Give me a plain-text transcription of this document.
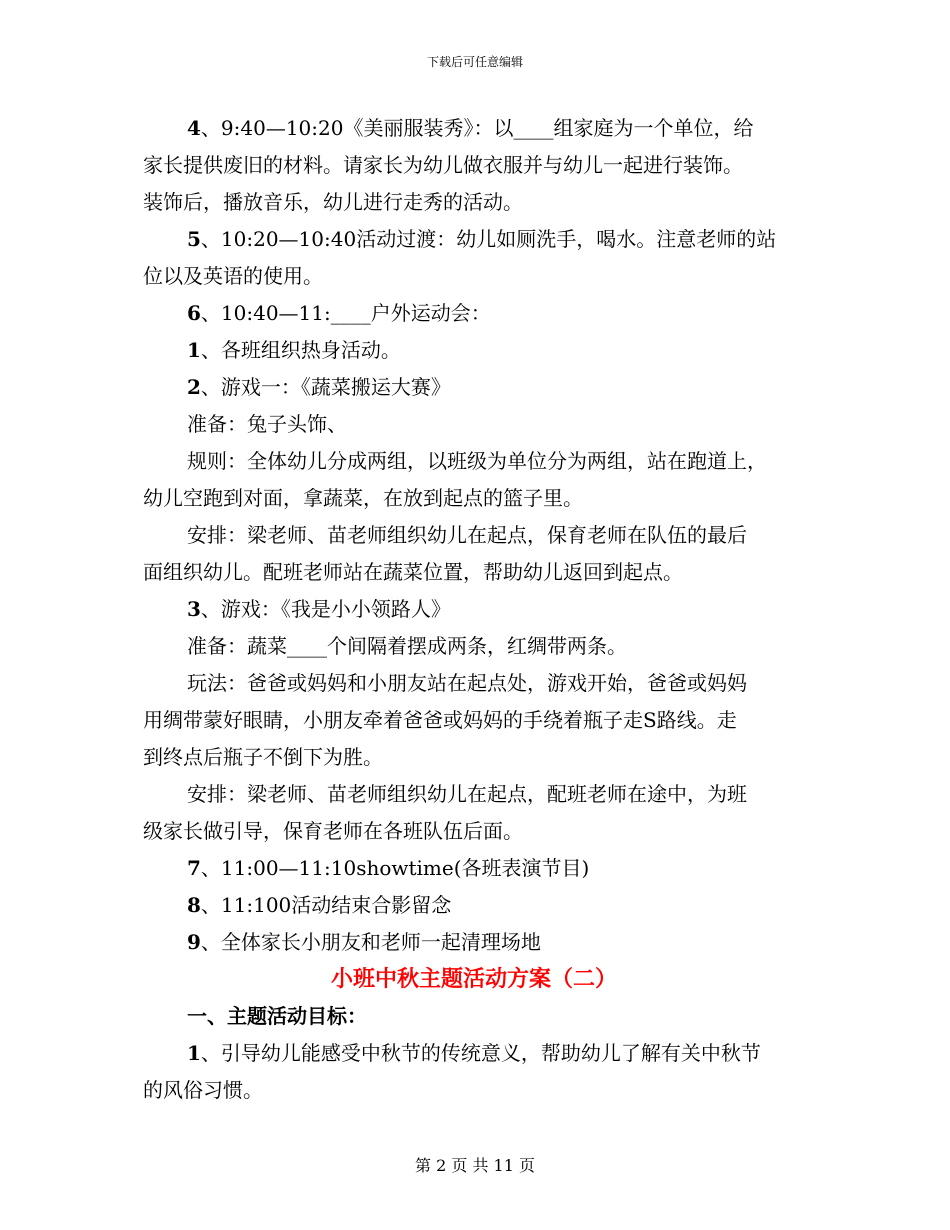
下载后可任意编辑

4、9:40—10:20《美丽服装秀》：以____组家庭为一个单位，给

家长提供废旧的材料。请家长为幼儿做衣服并与幼儿一起进行装饰。

装饰后，播放音乐，幼儿进行走秀的活动。

5、10:20—10:40活动过渡：幼儿如厕洗手，喝水。注意老师的站

位以及英语的使用。

6、10:40—11:____户外运动会：

1、各班组织热身活动。

2、游戏一：《蔬菜搬运大赛》

准备：兔子头饰、

规则：全体幼儿分成两组，以班级为单位分为两组，站在跑道上，

幼儿空跑到对面，拿蔬菜，在放到起点的篮子里。

安排：梁老师、苗老师组织幼儿在起点，保育老师在队伍的最后

面组织幼儿。配班老师站在蔬菜位置，帮助幼儿返回到起点。

3、游戏：《我是小小领路人》

准备：蔬菜____个间隔着摆成两条，红绸带两条。

玩法：爸爸或妈妈和小朋友站在起点处，游戏开始，爸爸或妈妈

用绸带蒙好眼睛，小朋友牵着爸爸或妈妈的手绕着瓶子走S路线。走

到终点后瓶子不倒下为胜。

安排：梁老师、苗老师组织幼儿在起点，配班老师在途中，为班

级家长做引导，保育老师在各班队伍后面。

7、11:00—11:10showtime(各班表演节目)

8、11:100活动结束合影留念

9、全体家长小朋友和老师一起清理场地

小班中秋主题活动方案（二）

一、主题活动目标：

1、引导幼儿能感受中秋节的传统意义，帮助幼儿了解有关中秋节

的风俗习惯。

第 2 页 共 11 页
